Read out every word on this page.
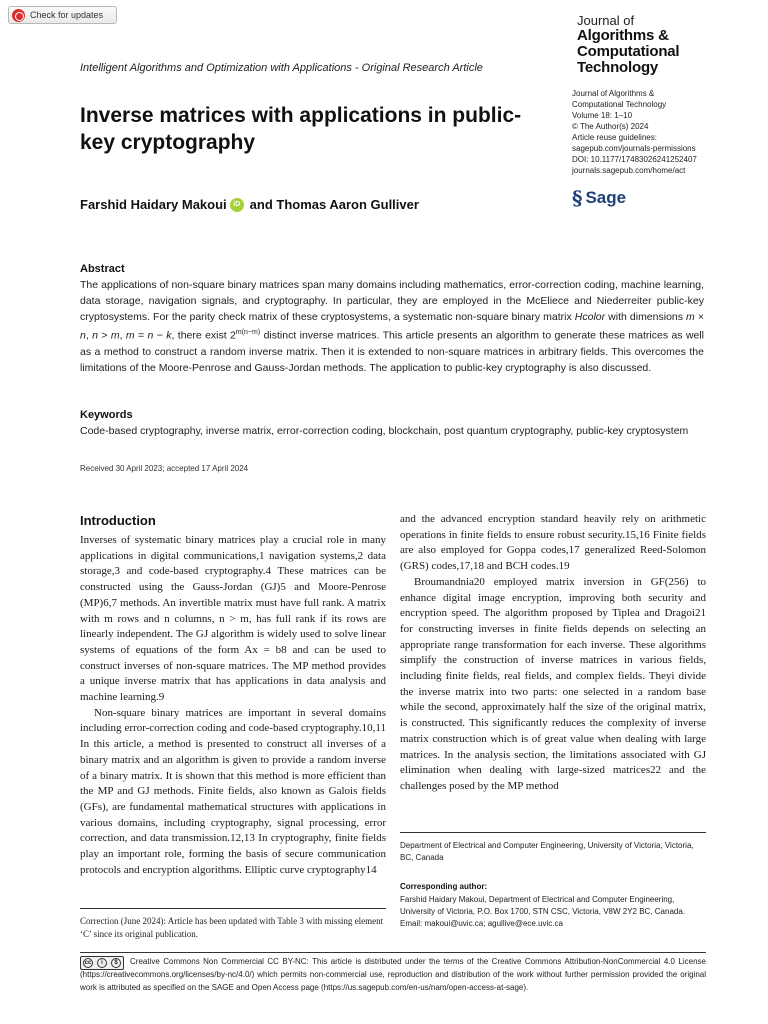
Check for updates	Journal of
Algorithms &
Computational
Technology
Intelligent Algorithms and Optimization with Applications - Original Research Article
Inverse matrices with applications in public-key cryptography
Journal of Algorithms &
Computational Technology
Volume 18: 1–10
© The Author(s) 2024
Article reuse guidelines:
sagepub.com/journals-permissions
DOI: 10.1177/17483026241252407
journals.sagepub.com/home/act
§ Sage
Farshid Haidary Makoui iD and Thomas Aaron Gulliver
Abstract
The applications of non-square binary matrices span many domains including mathematics, error-correction coding, machine learning, data storage, navigation signals, and cryptography. In particular, they are employed in the McEliece and Niederreiter public-key cryptosystems. For the parity check matrix of these cryptosystems, a systematic non-square binary matrix Hcolor with dimensions m × n, n > m, m = n − k, there exist $2^{m(n-m)}$ distinct inverse matrices. This article presents an algorithm to generate these matrices as well as a method to construct a random inverse matrix. Then it is extended to non-square matrices in arbitrary fields. This overcomes the limitations of the Moore-Penrose and Gauss-Jordan methods. The application to public-key cryptography is also discussed.
Keywords
Code-based cryptography, inverse matrix, error-correction coding, blockchain, post quantum cryptography, public-key cryptosystem
Received 30 April 2023; accepted 17 April 2024
Introduction

Inverses of systematic binary matrices play a crucial role in many applications in digital communications,1 navigation systems,2 data storage,3 and code-based cryptography.4 These matrices can be constructed using the Gauss-Jordan (GJ)5 and Moore-Penrose (MP)6,7 methods. An invertible matrix must have full rank. A matrix with m rows and n columns, n > m, has full rank if its rows are linearly independent. The GJ algorithm is widely used to solve linear systems of equations of the form Ax = b8 and can be used to construct inverses of non-square matrices. The MP method provides a unique inverse matrix that has applications in data analysis and machine learning.9

Non-square binary matrices are important in several domains including error-correction coding and code-based cryptography.10,11 In this article, a method is presented to construct all inverses of a binary matrix and an algorithm is given to provide a random inverse of a binary matrix. It is shown that this method is more efficient than the MP and GJ methods. Finite fields, also known as Galois fields (GFs), are fundamental mathematical structures with applications in various domains, including cryptography, signal processing, error correction, and data transmission.12,13 In cryptography, finite fields play an important role, forming the basis of secure communication protocols and encryption algorithms. Elliptic curve cryptography14

and the advanced encryption standard heavily rely on arithmetic operations in finite fields to ensure robust security.15,16 Finite fields are also employed for Goppa codes,17 generalized Reed-Solomon (GRS) codes,17,18 and BCH codes.19

Broumandnia20 employed matrix inversion in GF(256) to enhance digital image encryption, improving both security and encryption speed. The algorithm proposed by Tiplea and Dragoi21 for constructing inverses in finite fields depends on selecting an appropriate range transformation for each inverse. These algorithms simplify the construction of inverse matrices in various fields, including finite fields, real fields, and complex fields. Theyi divide the inverse matrix into two parts: one selected in a random base while the second, approximately half the size of the original matrix, is constructed. This significantly reduces the complexity of inverse matrix construction which is of great value when dealing with large matrices. In the analysis section, the limitations associated with GJ elimination when dealing with large-sized matrices22 and the challenges posed by the MP method

Correction (June 2024): Article has been updated with Table 3 with missing element ‘C’ since its original publication.
Department of Electrical and Computer Engineering, University of Victoria, Victoria, BC, Canada
Corresponding author:
Farshid Haidary Makoui, Department of Electrical and Computer Engineering, University of Victoria, P.O. Box 1700, STN CSC, Victoria, V8W 2Y2 BC, Canada.
Email: makoui@uvic.ca; agullive@ece.uvic.ca
cc	i	$	Creative Commons Non Commercial CC BY-NC: This article is distributed under the terms of the Creative Commons Attribution-NonCommercial 4.0 License (https://creativecommons.org/licenses/by-nc/4.0/) which permits non-commercial use, reproduction and distribution of the work without further permission provided the original work is attributed as specified on the SAGE and Open Access page (https://us.sagepub.com/en-us/nam/open-access-at-sage).
